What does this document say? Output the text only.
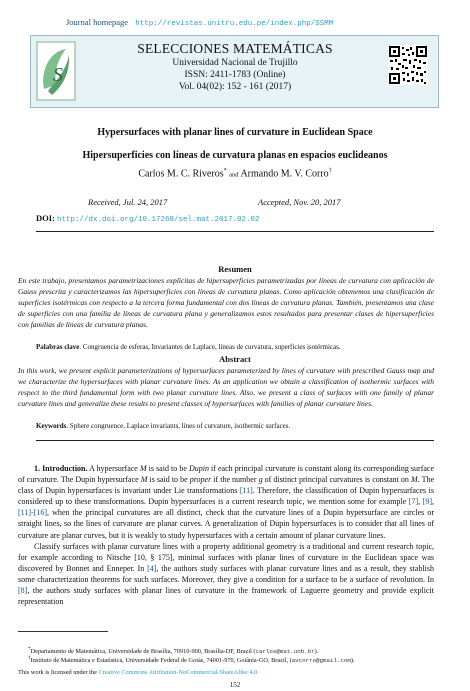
Journal homepage http://revistas.unitru.edu.pe/index.php/SSMM
S
SELECCIONES MATEMÁTICAS
Universidad Nacional de Trujillo
ISSN: 2411-1783 (Online)
Vol. 04(02): 152 - 161 (2017)
Hypersurfaces with planar lines of curvature in Euclidean Space
Hipersuperficies con líneas de curvatura planas en espacios euclideanos
Carlos M. C. Riveros* and Armando M. V. Corro†
Received, Jul. 24, 2017	Accepted, Nov. 20, 2017
DOI: http://dx.doi.org/10.17268/sel.mat.2017.02.02
Resumen
En este trabajo, presentamos parametrizaciones explícitas de hipersuperficies parametrizadas por líneas de curvatura con aplicación de Gauss prescrita y caracterizamos las hipersuperficies con líneas de curvatura planas. Como aplicación obtenemos una clasificación de superficies isotérmicas con respecto a la tercera forma fundamental con dos líneas de curvatura planas. También, presentamos una clase de superficies con una familia de líneas de curvatura plana y generalizamos estos resultados para presentar clases de hipersuperficies con familias de líneas de curvatura planas.
Palabras clave. Congruencia de esferas, Invariantes de Laplace, líneas de curvatura, superficies isotérmicas.
Abstract
In this work, we present explicit parameterizations of hypersurfaces parameterized by lines of curvature with prescribed Gauss map and we characterize the hypersurfaces with planar curvature lines. As an application we obtain a classification of isothermic surfaces with respect to the third fundamental form with two planar curvature lines. Also, we present a class of surfaces with one family of planar curvature lines and generalize these results to present classes of hypersurfaces with families of planar curvature lines.
Keywords. Sphere congruence, Laplace invariants, lines of curvature, isothermic surfaces.

1. Introduction. A hypersurface M is said to be Dupin if each principal curvature is constant along its corresponding surface of curvature. The Dupin hypersurface M is said to be proper if the number g of distinct principal curvatures is constant on M. The class of Dupin hypersurfaces is invariant under Lie transformations [11]. Therefore, the classification of Dupin hypersurfaces is considered up to these transformations. Dupin hypersurfaces is a current research topic, we mention some for example [7], [9], [11]-[16], when the principal curvatures are all distinct, check that the curvature lines of a Dupin hypersurface are circles or straight lines, so the lines of curvature are planar curves. A generalization of Dupin hypersurfaces is to consider that all lines of curvature are planar curves, but it is weakly to study hypersurfaces with a certain amount of planar curvature lines.

Classify surfaces with planar curvature lines with a property additional geometry is a traditional and current research topic, for example according to Nitsche [10, § 175], minimal surfaces with planar lines of curvature in the Euclidean space was discovered by Bonnet and Enneper. In [4], the authors study surfaces with planar curvature lines and as a result, they stablish some characterization theorems for such surfaces. Moreover, they give a condition for a surface to be a surface of revolution. In [8], the authors study surfaces with planar lines of curvature in the framework of Laguerre geometry and provide explicit representation

*Departamento de Matemática, Universidade de Brasília, 70910-900, Brasília-DF, Brazil (carlos@mat.unb.br).
†Instituto de Matemática e Estatística, Universidade Federal de Goiás, 74001-970, Goiânia-GO, Brazil, (avcorro@gmail.com).
This work is licensed under the Creative Commons Attribution-NoCommercial-ShareAlike 4.0.
152
